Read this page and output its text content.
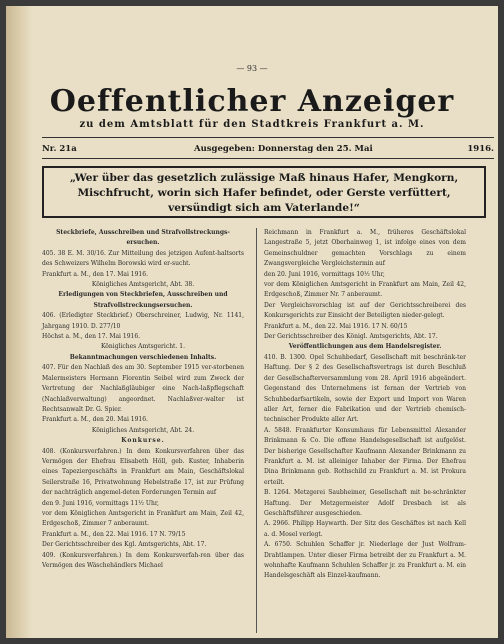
— 93 —
Oeffentlicher Anzeiger
zu dem Amtsblatt für den Stadtkreis Frankfurt a. M.
Nr. 21a	Ausgegeben: Donnerstag den 25. Mai	1916.
„Wer über das gesetzlich zulässige Maß hinaus Hafer, Mengkorn, Mischfrucht, worin sich Hafer befindet, oder Gerste verfüttert, versündigt sich am Vaterlande!“

Steckbriefe, Ausschreiben und Strafvollstreckungs-ersuchen.

405. 38 E. M. 30/16. Zur Mitteilung des jetzigen Aufent-haltsorts des Schweizers Wilhelm Borowski wird er-sucht.

Frankfurt a. M., den 17. Mai 1916.

Königliches Amtsgericht, Abt. 38.

Erledigungen von Steckbriefen, Ausschreiben und Strafvollstreckungsersuchen.

406. (Erledigter Steckbrief.) Oberschreiner, Ludwig, Nr. 1141, Jahrgang 1910. D. 277/10

Höchst a. M., den 17. Mai 1916.

Königliches Amtsgericht. 1.

Bekanntmachungen verschiedenen Inhalts.

407. Für den Nachlaß des am 30. September 1915 ver-storbenen Malermeisters Hermann Florentin Seibel wird zum Zweck der Vertretung der Nachlaßgläubiger eine Nach-laßpflegschaft (Nachlaßverwaltung) angeordnet. Nachlaßver-walter ist Rechtsanwalt Dr. G. Spier.

Frankfurt a. M., den 20. Mai 1916.

Königliches Amtsgericht, Abt. 24.

Konkurse.

408. (Konkursverfahren.) In dem Konkursverfahren über das Vermögen der Ehefrau Elisabeth Höll, geb. Kuster, Inhaberin eines Tapeziergeschäfts in Frankfurt am Main, Geschäftslokal Seilerstraße 16, Privatwohnung Hebelstraße 17, ist zur Prüfung der nachträglich angemel-deten Forderungen Termin auf

den 9. Juni 1916, vormittags 11½ Uhr,

vor dem Königlichen Amtsgericht in Frankfurt am Main, Zeil 42, Erdgeschoß, Zimmer 7 anberaumt.

Frankfurt a. M., den 22. Mai 1916. 17 N. 79/15

Der Gerichtsschreiber des Kgl. Amtsgerichts, Abt. 17.

409. (Konkursverfahren.) In dem Konkursverfah-ren über das Vermögen des Wäschehändlers Michael

Reichmann in Frankfurt a. M., früheres Geschäftslokal Langestraße 5, jetzt Oberhainweg 1, ist infolge eines von dem Gemeinschuldner gemachten Vorschlags zu einem Zwangsvergleiche Vergleichstermin auf

den 20. Juni 1916, vormittags 10½ Uhr,

vor dem Königlichen Amtsgericht in Frankfurt am Main, Zeil 42, Erdgeschoß, Zimmer Nr. 7 anberaumt.

Der Vergleichsvorschlag ist auf der Gerichtsschreiberei des Konkursgerichts zur Einsicht der Beteiligten nieder-gelegt.

Frankfurt a. M., den 22. Mai 1916. 17 N. 60/15

Der Gerichtsschreiber des Königl. Amtsgerichts, Abt. 17.

Veröffentlichungen aus dem Handelsregister.

410. B. 1300. Opel Schuhbedarf, Gesellschaft mit beschränk-ter Haftung. Der § 2 des Gesellschaftsvertrags ist durch Beschluß der Gesellschafterversammlung vom 28. April 1916 abgeändert. Gegenstand des Unternehmens ist fernan der Vertrieb von Schuhbedarfsartikeln, sowie der Export und Import von Waren aller Art, ferner die Fabrikation und der Vertrieb chemisch-technischer Produkte aller Art.

A. 5848. Frankfurter Konsumhaus für Lebensmittel Alexander Brinkmann & Co. Die offene Handelsgesellschaft ist aufgelöst. Der bisherige Gesellschafter Kaufmann Alexander Brinkmann zu Frankfurt a. M. ist alleiniger Inhaber der Firma. Der Ehefrau Dina Brinkmann geb. Rothschild zu Frankfurt a. M. ist Prokura erteilt.

B. 1264. Metzgerei Saubheimer, Gesellschaft mit be-schränkter Haftung. Der Metzgermeister Adolf Dresbach ist als Geschäftsführer ausgeschieden.

A. 2966. Philipp Haywarth. Der Sitz des Geschäftes ist nach Kell a. d. Mosel verlegt.

A. 6750. Schuhlen Schaffer jr. Niederlage der Just Wolfram-Drahtlampen. Unter dieser Firma betreibt der zu Frankfurt a. M. wohnhafte Kaufmann Schuhlen Schaffer jr. zu Frankfurt a. M. ein Handelsgeschäft als Einzel-kaufmann.
